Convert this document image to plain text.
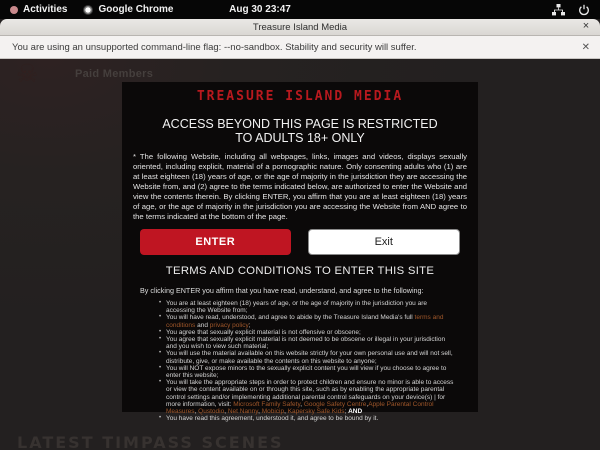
Activities	Google Chrome	Aug 30 23:47
Treasure Island Media	×
You are using an unsupported command-line flag: --no-sandbox. Stability and security will suffer.	✕
☠	Paid Members
LATEST TIMPASS SCENES
TREASURE ISLAND MEDIA
ACCESS BEYOND THIS PAGE IS RESTRICTED TO ADULTS 18+ ONLY
* The following Website, including all webpages, links, images and videos, displays sexually oriented, including explicit, material of a pornographic nature. Only consenting adults who (1) are at least eighteen (18) years of age, or the age of majority in the jurisdiction they are accessing the Website from, and (2) agree to the terms indicated below, are authorized to enter the Website and view the contents therein. By clicking ENTER, you affirm that you are at least eighteen (18) years of age, or the age of majority in the jurisdiction you are accessing the Website from AND agree to the terms indicated at the bottom of the page.
ENTER	Exit
TERMS AND CONDITIONS TO ENTER THIS SITE
By clicking ENTER you affirm that you have read, understand, and agree to the following:
• You are at least eighteen (18) years of age, or the age of majority in the jurisdiction you are accessing the Website from;
• You will have read, understood, and agree to abide by the Treasure Island Media's full terms and conditions and privacy policy;
• You agree that sexually explicit material is not offensive or obscene;
• You agree that sexually explicit material is not deemed to be obscene or illegal in your jurisdiction and you wish to view such material;
• You will use the material available on this website strictly for your own personal use and will not sell, distribute, give, or make available the contents on this website to anyone;
• You will NOT expose minors to the sexually explicit content you will view if you choose to agree to enter this website;
• You will take the appropriate steps in order to protect children and ensure no minor is able to access or view the content available on or through this site, such as by enabling the appropriate parental control settings and/or implementing additional parental control safeguards on your device(s) | for more information, visit: Microsoft Family Safety, Google Safety Centre,Apple Parental Control Measures, Qustodio, Net Nanny, Mobicip, Kapersky Safe Kids; AND
• You have read this agreement, understood it, and agree to be bound by it.
